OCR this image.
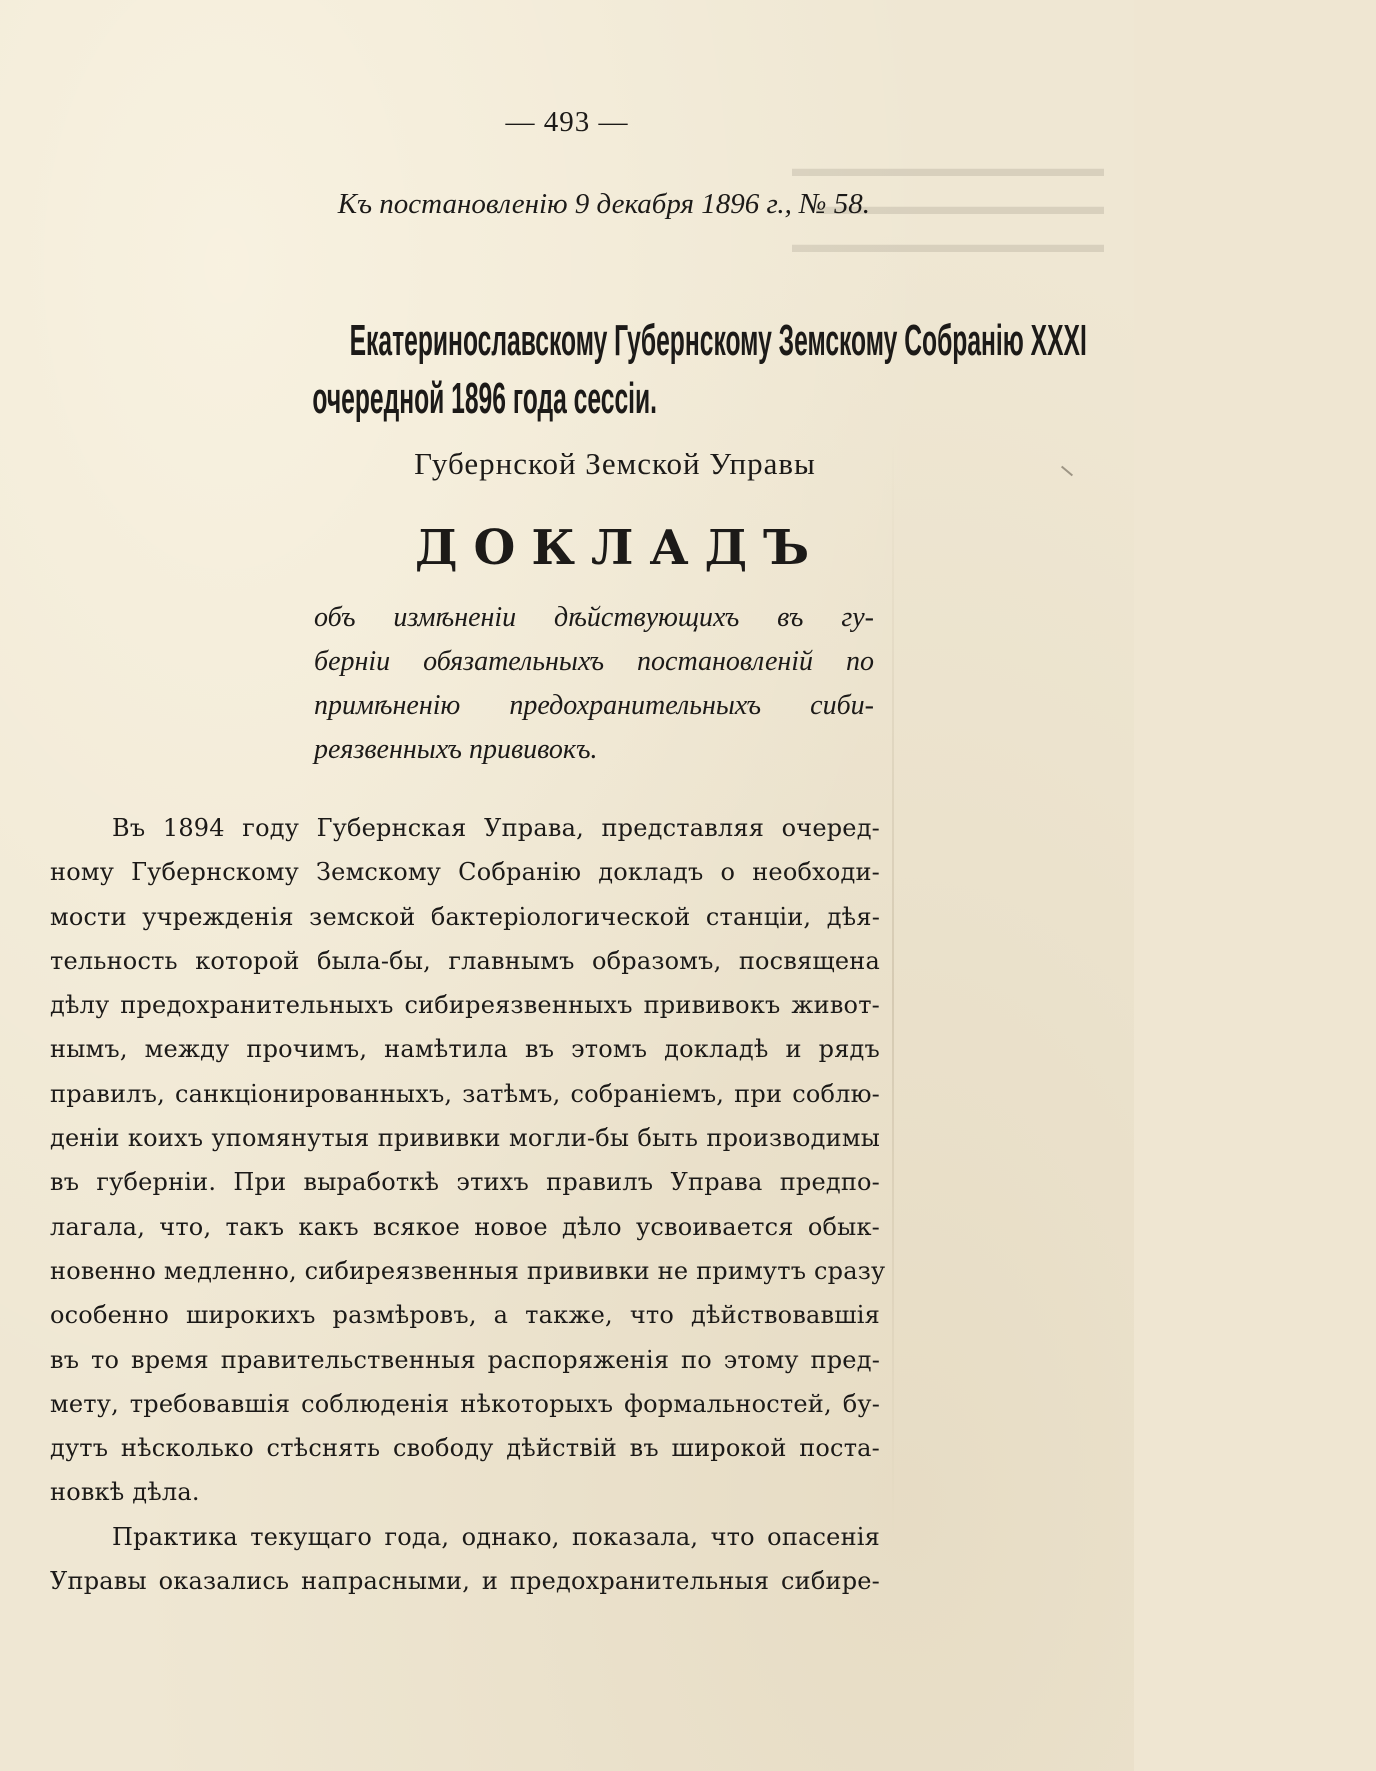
▬▬▬▬▬▬▬▬▬▬▬▬▬
▬▬▬▬▬▬▬▬▬▬▬▬
▬▬▬▬▬▬▬▬▬▬▬▬▬
— 493 —
Къ постановленію 9 декабря 1896 г., № 58.
Екатеринославскому Губернскому Земскому Собранію XXXI
очередной 1896 года сессіи.
Губернской Земской Управы
ДОКЛАДЪ
объ измѣненіи дѣйствующихъ въ гу-
берніи обязательныхъ постановленій по
примѣненію предохранительныхъ сиби-
реязвенныхъ прививокъ.
Въ 1894 году Губернская Управа, представляя очеред-
ному Губернскому Земскому Собранію докладъ о необходи-
мости учрежденія земской бактеріологической станціи, дѣя-
тельность которой была-бы, главнымъ образомъ, посвящена
дѣлу предохранительныхъ сибиреязвенныхъ прививокъ живот-
нымъ, между прочимъ, намѣтила въ этомъ докладѣ и рядъ
правилъ, санкціонированныхъ, затѣмъ, собраніемъ, при соблю-
деніи коихъ упомянутыя прививки могли-бы быть производимы
въ губерніи. При выработкѣ этихъ правилъ Управа предпо-
лагала, что, такъ какъ всякое новое дѣло усвоивается обык-
новенно медленно, сибиреязвенныя прививки не примутъ сразу
особенно широкихъ размѣровъ, а также, что дѣйствовавшія
въ то время правительственныя распоряженія по этому пред-
мету, требовавшія соблюденія нѣкоторыхъ формальностей, бу-
дутъ нѣсколько стѣснять свободу дѣйствій въ широкой поста-
новкѣ дѣла.
Практика текущаго года, однако, показала, что опасенія
Управы оказались напрасными, и предохранительныя сибире-
